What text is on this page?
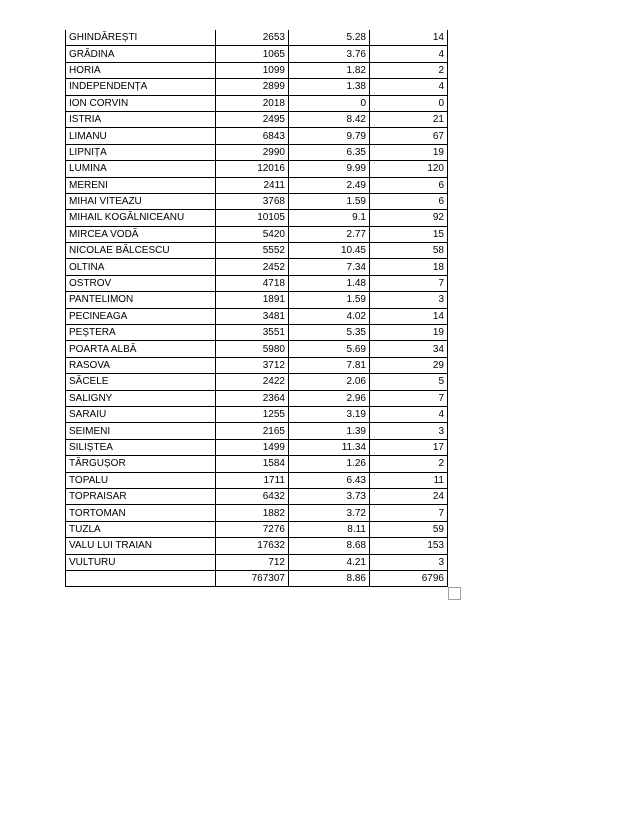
GHINDĂREȘTI	2653	5.28	14
GRĂDINA	1065	3.76	4
HORIA	1099	1.82	2
INDEPENDENȚA	2899	1.38	4
ION CORVIN	2018	0	0
ISTRIA	2495	8.42	21
LIMANU	6843	9.79	67
LIPNIȚA	2990	6.35	19
LUMINA	12016	9.99	120
MERENI	2411	2.49	6
MIHAI VITEAZU	3768	1.59	6
MIHAIL KOGĂLNICEANU	10105	9.1	92
MIRCEA VODĂ	5420	2.77	15
NICOLAE BĂLCESCU	5552	10.45	58
OLTINA	2452	7.34	18
OSTROV	4718	1.48	7
PANTELIMON	1891	1.59	3
PECINEAGA	3481	4.02	14
PEȘTERA	3551	5.35	19
POARTA ALBĂ	5980	5.69	34
RASOVA	3712	7.81	29
SĂCELE	2422	2.06	5
SALIGNY	2364	2.96	7
SARAIU	1255	3.19	4
SEIMENI	2165	1.39	3
SILIȘTEA	1499	11.34	17
TÂRGUȘOR	1584	1.26	2
TOPALU	1711	6.43	11
TOPRAISAR	6432	3.73	24
TORTOMAN	1882	3.72	7
TUZLA	7276	8.11	59
VALU LUI TRAIAN	17632	8.68	153
VULTURU	712	4.21	3
	767307	8.86	6796
